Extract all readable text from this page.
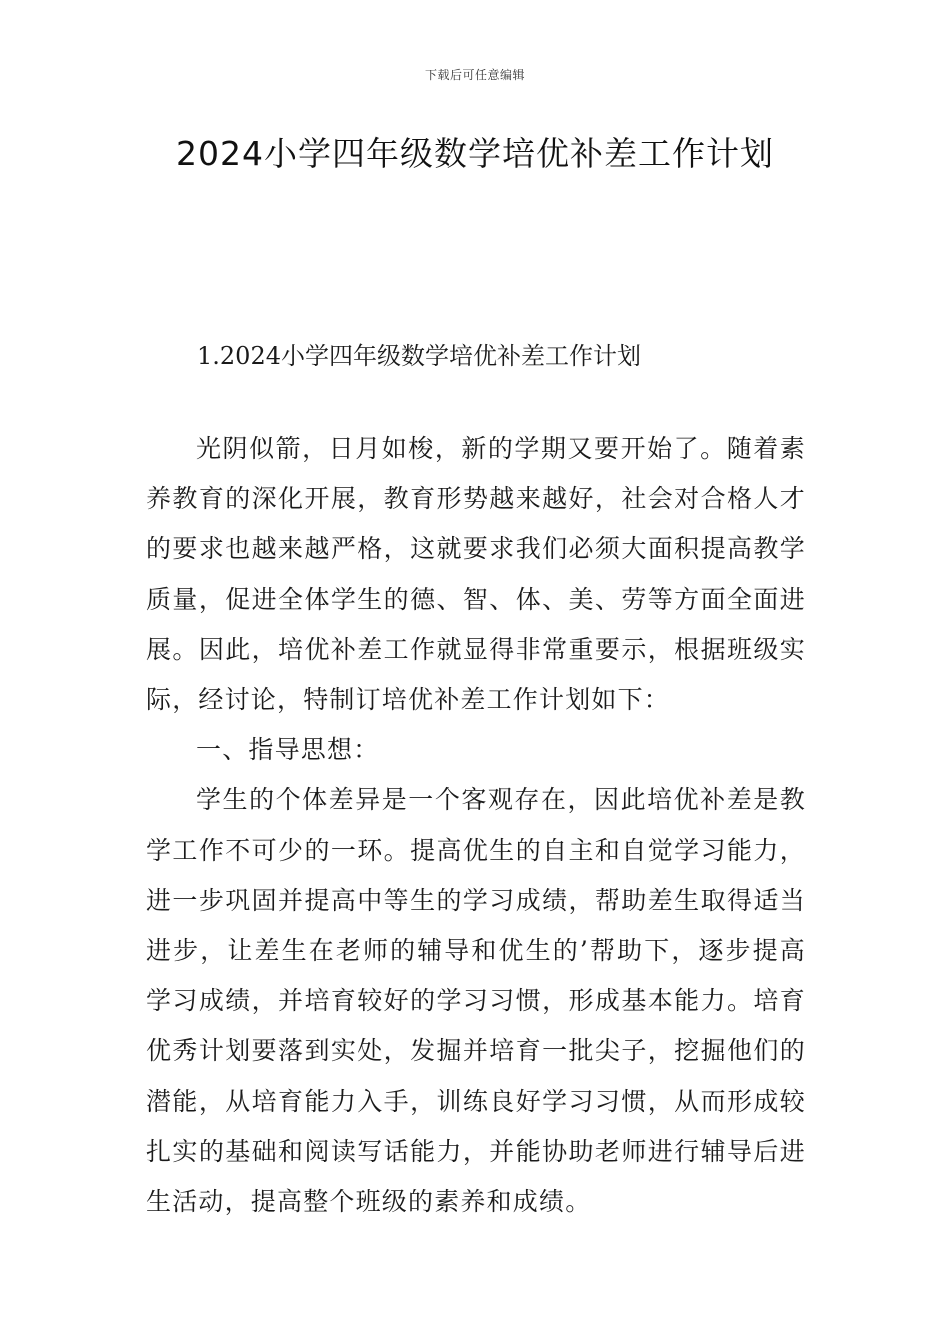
下载后可任意编辑
2024小学四年级数学培优补差工作计划
1.2024小学四年级数学培优补差工作计划

光阴似箭，日月如梭，新的学期又要开始了。随着素养教育的深化开展，教育形势越来越好，社会对合格人才的要求也越来越严格，这就要求我们必须大面积提高教学质量，促进全体学生的德、智、体、美、劳等方面全面进展。因此，培优补差工作就显得非常重要示，根据班级实际，经讨论，特制订培优补差工作计划如下：

一、指导思想：

学生的个体差异是一个客观存在，因此培优补差是教学工作不可少的一环。提高优生的自主和自觉学习能力，进一步巩固并提高中等生的学习成绩，帮助差生取得适当进步，让差生在老师的辅导和优生的’帮助下，逐步提高学习成绩，并培育较好的学习习惯，形成基本能力。培育优秀计划要落到实处，发掘并培育一批尖子，挖掘他们的潜能，从培育能力入手，训练良好学习习惯，从而形成较扎实的基础和阅读写话能力，并能协助老师进行辅导后进生活动，提高整个班级的素养和成绩。
